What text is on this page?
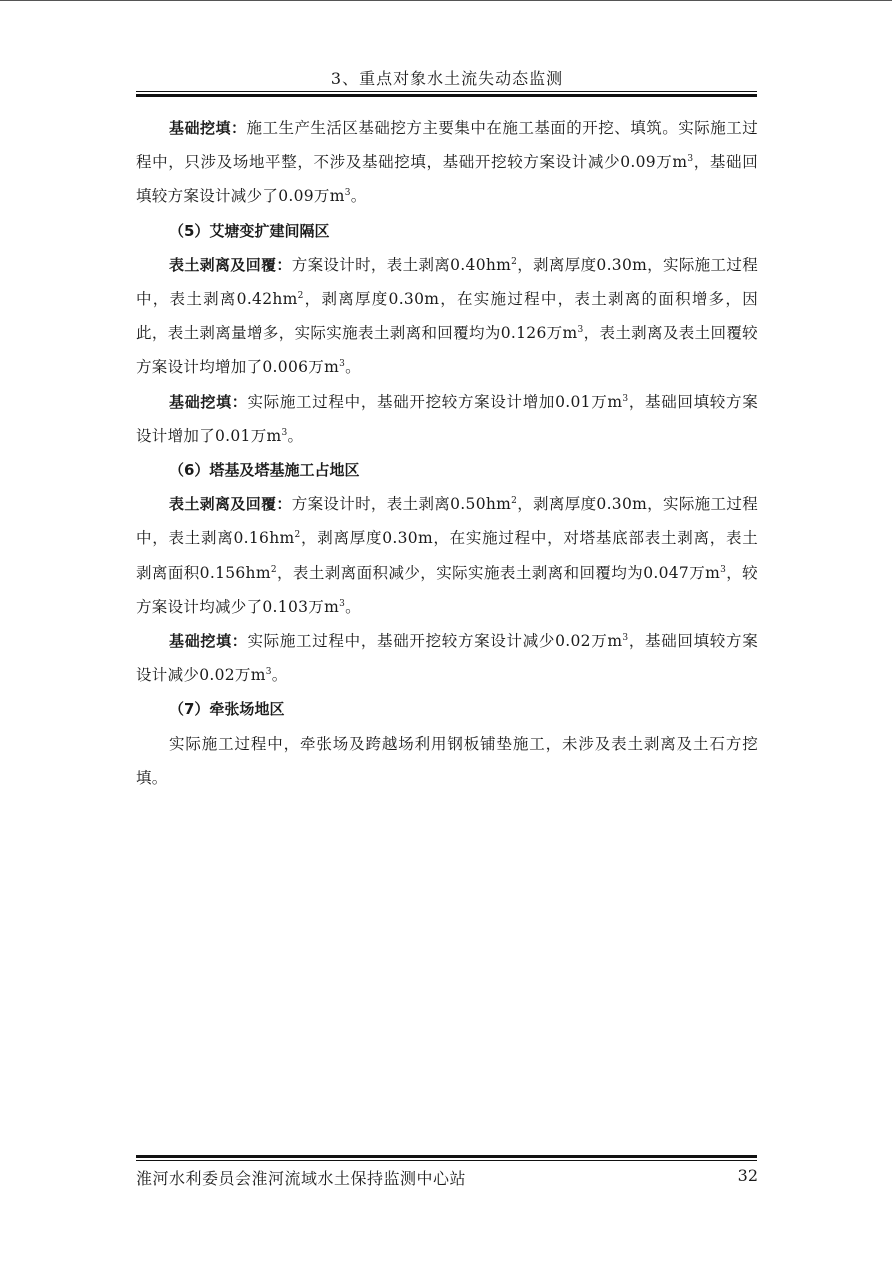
3、重点对象水土流失动态监测

基础挖填：施工生产生活区基础挖方主要集中在施工基面的开挖、填筑。实际施工过程中，只涉及场地平整，不涉及基础挖填，基础开挖较方案设计减少0.09万$m^3$，基础回填较方案设计减少了0.09万$m^3$。

（5）艾塘变扩建间隔区

表土剥离及回覆：方案设计时，表土剥离$0.40hm^2$，剥离厚度0.30m，实际施工过程中，表土剥离$0.42hm^2$，剥离厚度0.30m，在实施过程中，表土剥离的面积增多，因此，表土剥离量增多，实际实施表土剥离和回覆均为0.126万$m^3$，表土剥离及表土回覆较方案设计均增加了0.006万$m^3$。

基础挖填：实际施工过程中，基础开挖较方案设计增加0.01万$m^3$，基础回填较方案设计增加了0.01万$m^3$。

（6）塔基及塔基施工占地区

表土剥离及回覆：方案设计时，表土剥离$0.50hm^2$，剥离厚度0.30m，实际施工过程中，表土剥离$0.16hm^2$，剥离厚度0.30m，在实施过程中，对塔基底部表土剥离，表土剥离面积$0.156hm^2$，表土剥离面积减少，实际实施表土剥离和回覆均为0.047万$m^3$，较方案设计均减少了0.103万$m^3$。

基础挖填：实际施工过程中，基础开挖较方案设计减少0.02万$m^3$，基础回填较方案设计减少0.02万$m^3$。

（7）牵张场地区

实际施工过程中，牵张场及跨越场利用钢板铺垫施工，未涉及表土剥离及土石方挖填。

淮河水利委员会淮河流域水土保持监测中心站	32
